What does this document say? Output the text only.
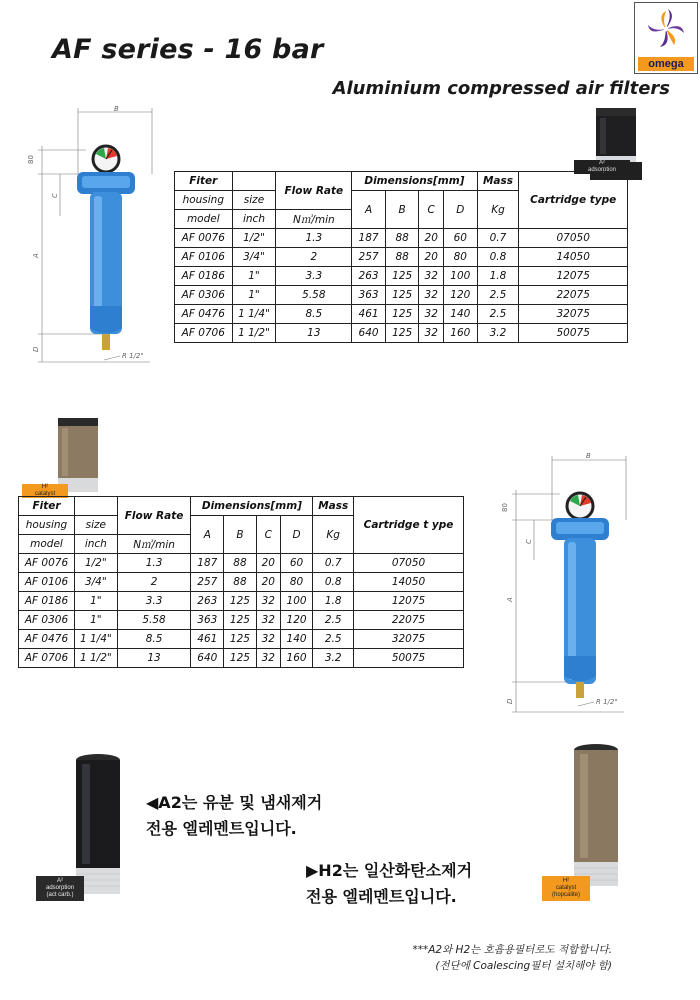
AF series - 16 bar
Aluminium compressed air filters
omega
B
80
C
A
D
R 1/2"
A²
adsorption
Fiter		Flow Rate	Dimensions[mm]				Mass	Cartridge type
housing	size		A	B	C	D	Kg	
model	inch	N㎥/min						
AF 0076	1/2"	1.3	187	88	20	60	0.7	07050
AF 0106	3/4"	2	257	88	20	80	0.8	14050
AF 0186	1"	3.3	263	125	32	100	1.8	12075
AF 0306	1"	5.58	363	125	32	120	2.5	22075
AF 0476	1 1/4"	8.5	461	125	32	140	2.5	32075
AF 0706	1 1/2"	13	640	125	32	160	3.2	50075
H²
catalyst
Fiter		Flow Rate	Dimensions[mm]				Mass	Cartridge t ype
housing	size		A	B	C	D	Kg	
model	inch	N㎥/min						
AF 0076	1/2"	1.3	187	88	20	60	0.7	07050
AF 0106	3/4"	2	257	88	20	80	0.8	14050
AF 0186	1"	3.3	263	125	32	100	1.8	12075
AF 0306	1"	5.58	363	125	32	120	2.5	22075
AF 0476	1 1/4"	8.5	461	125	32	140	2.5	32075
AF 0706	1 1/2"	13	640	125	32	160	3.2	50075
B
80
C
A
D	R 1/2"
A²
adsorption
(act carb.)
H²
catalyst
(hopcalite)
◀A2는 유분 및 냄새제거
전용 엘레멘트입니다.
▶H2는 일산화탄소제거
전용 엘레멘트입니다.
***A2와 H2는 호흡용필터로도 적합합니다.
(전단에 Coalescing필터 설치해야 함)
